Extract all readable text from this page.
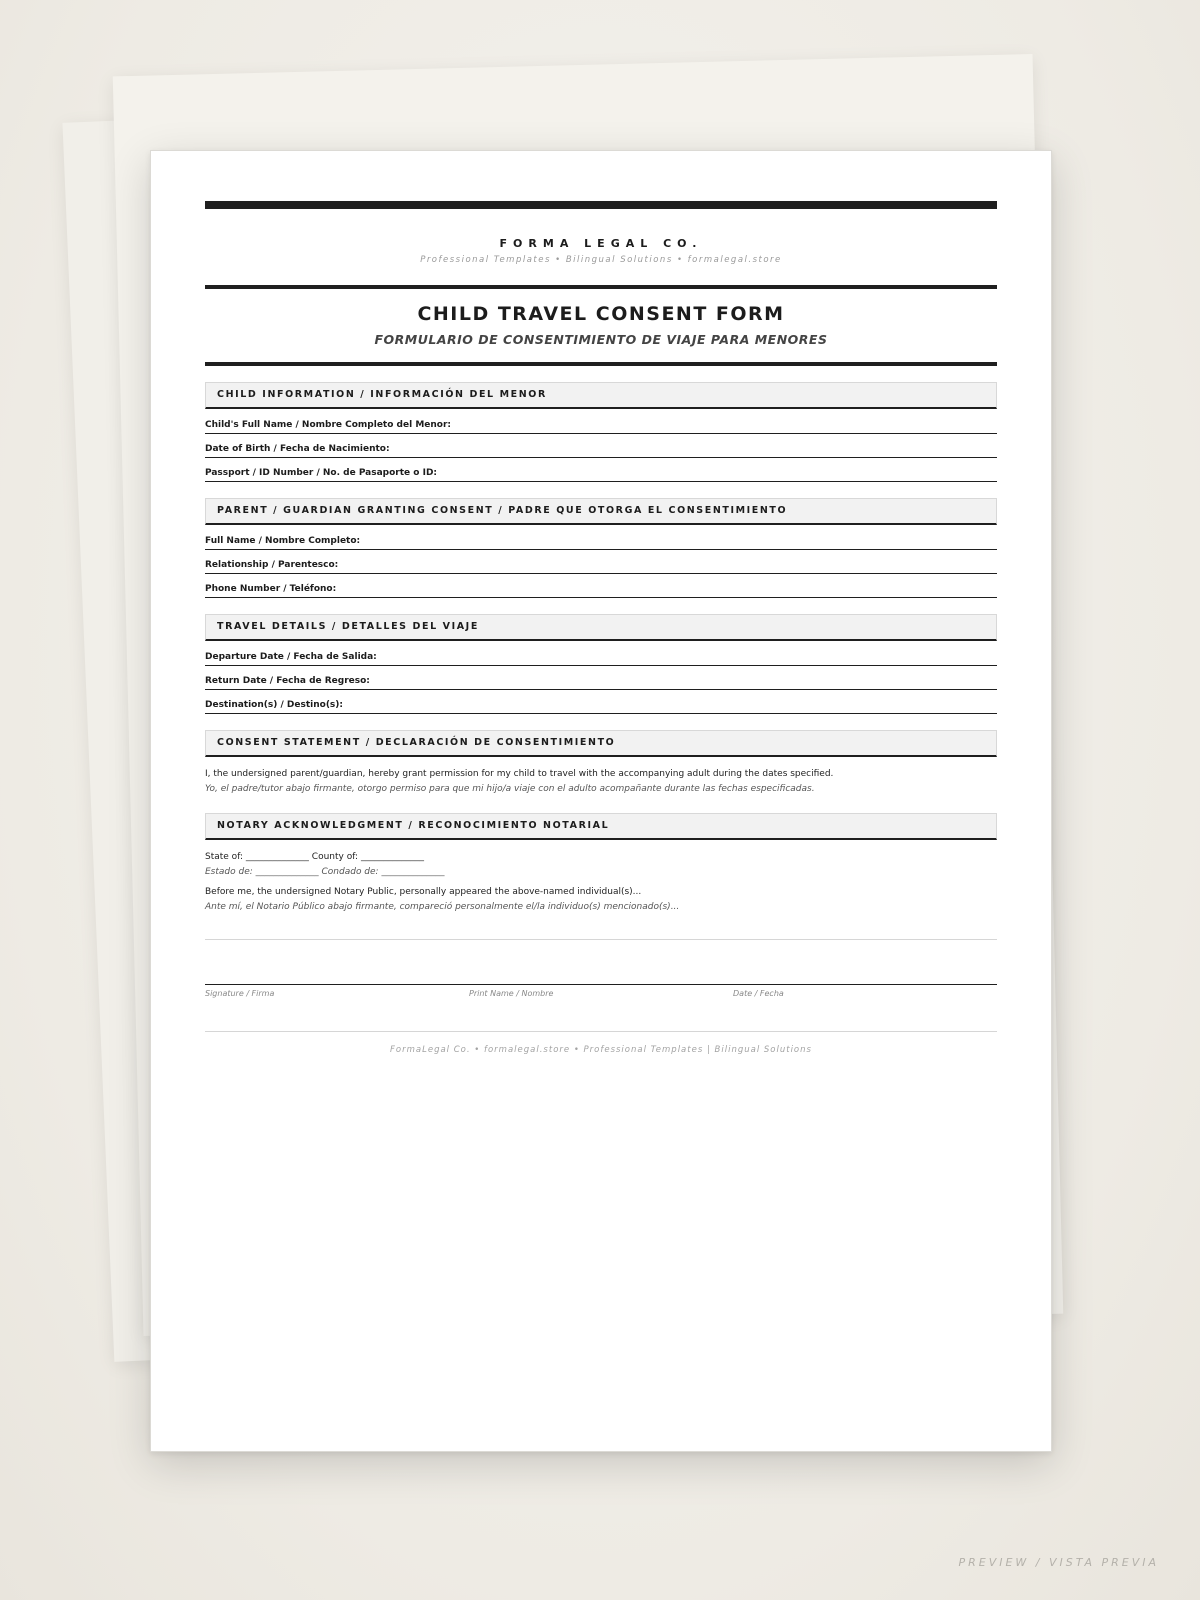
FORMA LEGAL CO.
Professional Templates • Bilingual Solutions • formalegal.store
CHILD TRAVEL CONSENT FORM
FORMULARIO DE CONSENTIMIENTO DE VIAJE PARA MENORES
CHILD INFORMATION / INFORMACIÓN DEL MENOR
Child's Full Name / Nombre Completo del Menor:
Date of Birth / Fecha de Nacimiento:
Passport / ID Number / No. de Pasaporte o ID:
PARENT / GUARDIAN GRANTING CONSENT / PADRE QUE OTORGA EL CONSENTIMIENTO
Full Name / Nombre Completo:
Relationship / Parentesco:
Phone Number / Teléfono:
TRAVEL DETAILS / DETALLES DEL VIAJE
Departure Date / Fecha de Salida:
Return Date / Fecha de Regreso:
Destination(s) / Destino(s):
CONSENT STATEMENT / DECLARACIÓN DE CONSENTIMIENTO
I, the undersigned parent/guardian, hereby grant permission for my child to travel with the accompanying adult during the dates specified.
Yo, el padre/tutor abajo firmante, otorgo permiso para que mi hijo/a viaje con el adulto acompañante durante las fechas especificadas.
NOTARY ACKNOWLEDGMENT / RECONOCIMIENTO NOTARIAL
State of: ______________ County of: ______________
Estado de: ______________ Condado de: ______________
Before me, the undersigned Notary Public, personally appeared the above-named individual(s)...
Ante mí, el Notario Público abajo firmante, compareció personalmente el/la individuo(s) mencionado(s)...
Signature / Firma	Print Name / Nombre	Date / Fecha
FormaLegal Co. • formalegal.store • Professional Templates | Bilingual Solutions
PREVIEW / VISTA PREVIA
